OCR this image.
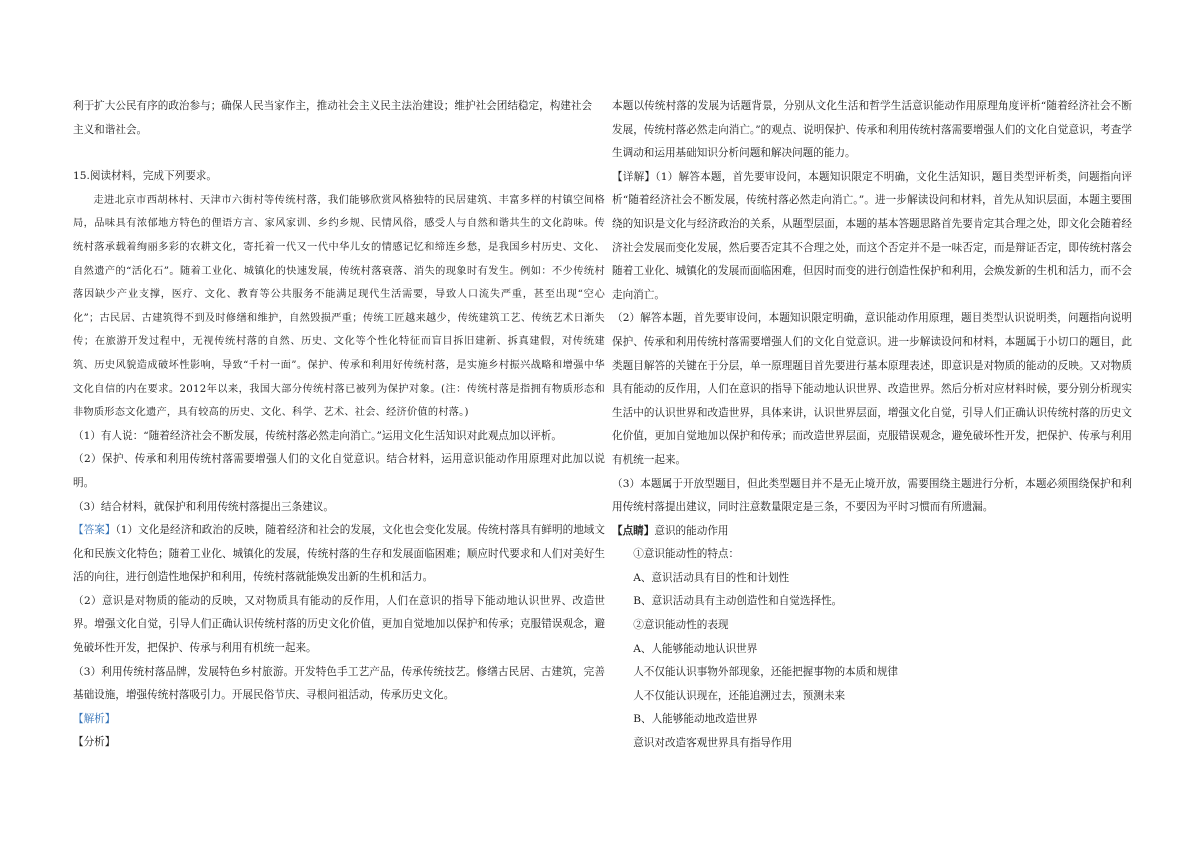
利于扩大公民有序的政治参与；确保人民当家作主，推动社会主义民主法治建设；维护社会团结稳定，构建社会

主义和谐社会。

15.阅读材料，完成下列要求。

走进北京市西胡林村、天津市六街村等传统村落，我们能够欣赏风格独特的民居建筑、丰富多样的村镇空间格局，品味具有浓郁地方特色的俚语方言、家风家训、乡约乡规、民情风俗，感受人与自然和谐共生的文化韵味。传统村落承载着绚丽多彩的农耕文化，寄托着一代又一代中华儿女的情感记忆和缔连乡愁，是我国乡村历史、文化、自然遗产的“活化石”。随着工业化、城镇化的快速发展，传统村落衰落、消失的现象时有发生。例如：不少传统村落因缺少产业支撑，医疗、文化、教育等公共服务不能满足现代生活需要，导致人口流失严重，甚至出现“空心化”；古民居、古建筑得不到及时修缮和维护，自然毁损严重；传统工匠越来越少，传统建筑工艺、传统艺术日渐失传；在旅游开发过程中，无视传统村落的自然、历史、文化等个性化特征而盲目拆旧建新、拆真建假，对传统建筑、历史风貌造成破坏性影响，导致“千村一面”。保护、传承和利用好传统村落，是实施乡村振兴战略和增强中华文化自信的内在要求。2012年以来，我国大部分传统村落已被列为保护对象。(注：传统村落是指拥有物质形态和非物质形态文化遗产，具有较高的历史、文化、科学、艺术、社会、经济价值的村落。)

（1）有人说：“随着经济社会不断发展，传统村落必然走向消亡。”运用文化生活知识对此观点加以评析。

（2）保护、传承和利用传统村落需要增强人们的文化自觉意识。结合材料，运用意识能动作用原理对此加以说明。

（3）结合材料，就保护和利用传统村落提出三条建议。

【答案】（1）文化是经济和政治的反映，随着经济和社会的发展，文化也会变化发展。传统村落具有鲜明的地域文化和民族文化特色；随着工业化、城镇化的发展，传统村落的生存和发展面临困难；顺应时代要求和人们对美好生活的向往，进行创造性地保护和利用，传统村落就能焕发出新的生机和活力。

（2）意识是对物质的能动的反映，又对物质具有能动的反作用，人们在意识的指导下能动地认识世界、改造世界。增强文化自觉，引导人们正确认识传统村落的历史文化价值，更加自觉地加以保护和传承；克服错误观念，避免破坏性开发，把保护、传承与利用有机统一起来。

（3）利用传统村落品牌，发展特色乡村旅游。开发特色手工艺产品，传承传统技艺。修缮古民居、古建筑，完善基础设施，增强传统村落吸引力。开展民俗节庆、寻根问祖活动，传承历史文化。

【解析】

【分析】

本题以传统村落的发展为话题背景，分别从文化生活和哲学生活意识能动作用原理角度评析“随着经济社会不断发展，传统村落必然走向消亡。”的观点、说明保护、传承和利用传统村落需要增强人们的文化自觉意识，考查学生调动和运用基础知识分析问题和解决问题的能力。

【详解】（1）解答本题，首先要审设问，本题知识限定不明确，文化生活知识，题目类型评析类，问题指向评析“随着经济社会不断发展，传统村落必然走向消亡。”。进一步解读设问和材料，首先从知识层面，本题主要围绕的知识是文化与经济政治的关系，从题型层面，本题的基本答题思路首先要肯定其合理之处，即文化会随着经济社会发展而变化发展，然后要否定其不合理之处，而这个否定并不是一味否定，而是辩证否定，即传统村落会随着工业化、城镇化的发展而面临困难，但因时而变的进行创造性保护和利用，会焕发新的生机和活力，而不会走向消亡。

（2）解答本题，首先要审设问，本题知识限定明确，意识能动作用原理，题目类型认识说明类，问题指向说明保护、传承和利用传统村落需要增强人们的文化自觉意识。进一步解读设问和材料，本题属于小切口的题目，此类题目解答的关键在于分层，单一原理题目首先要进行基本原理表述，即意识是对物质的能动的反映。又对物质具有能动的反作用，人们在意识的指导下能动地认识世界、改造世界。然后分析对应材料时候，要分别分析现实生活中的认识世界和改造世界，具体来讲，认识世界层面，增强文化自觉，引导人们正确认识传统村落的历史文化价值，更加自觉地加以保护和传承；而改造世界层面，克服错误观念，避免破坏性开发，把保护、传承与利用有机统一起来。

（3）本题属于开放型题目，但此类型题目并不是无止境开放，需要围绕主题进行分析，本题必须围绕保护和利用传统村落提出建议，同时注意数量限定是三条，不要因为平时习惯而有所遗漏。

【点睛】意识的能动作用

①意识能动性的特点：

A、意识活动具有目的性和计划性

B、意识活动具有主动创造性和自觉选择性。

②意识能动性的表现

A、人能够能动地认识世界

人不仅能认识事物外部现象，还能把握事物的本质和规律

人不仅能认识现在，还能追溯过去，预测未来

B、人能够能动地改造世界

意识对改造客观世界具有指导作用
